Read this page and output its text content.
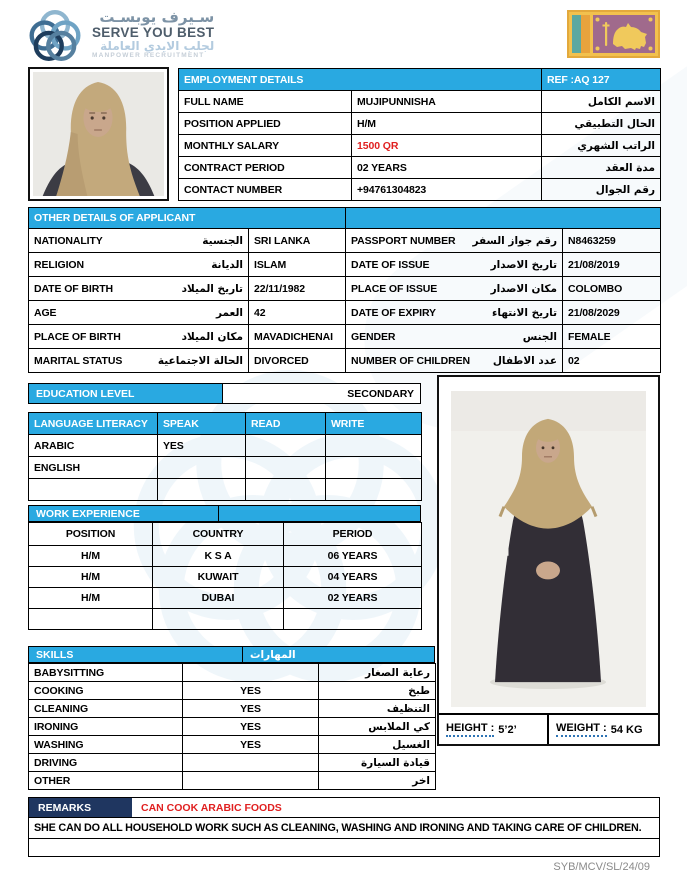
سـيرف يوبسـت
SERVE YOU BEST
لجلب الايدي العاملة
MANPOWER RECRUITMENT
EMPLOYMENT DETAILS		REF :AQ 127
FULL NAME	MUJIPUNNISHA	الاسم الكامل
POSITION APPLIED	H/M	الحال التطبيقي
MONTHLY SALARY	1500 QR	الراتب الشهري
CONTRACT PERIOD	02 YEARS	مدة العقد
CONTACT NUMBER	+94761304823	رقم الجوال
OTHER DETAILS OF APPLICANT			

NATIONALITY الجنسية	SRI LANKA	PASSPORT NUMBER رقم جواز السفر	N8463259

RELIGION الديانة	ISLAM	DATE OF ISSUE تاريخ الاصدار	21/08/2019

DATE OF BIRTH تاريخ الميلاد	22/11/1982	PLACE OF ISSUE مكان الاصدار	COLOMBO

AGE العمر	42	DATE OF EXPIRY تاريخ الانتهاء	21/08/2029

PLACE OF BIRTH مكان الميلاد	MAVADICHENAI	GENDER الجنس	FEMALE

MARITAL STATUS الحالة الاجتماعية	DIVORCED	NUMBER OF CHILDREN عدد الاطفال	02
EDUCATION LEVEL	SECONDARY
LANGUAGE LITERACY	SPEAK	READ	WRITE
ARABIC	YES		
ENGLISH			

WORK EXPERIENCE
POSITION	COUNTRY	PERIOD
H/M	K S A	06 YEARS
H/M	KUWAIT	04 YEARS
H/M	DUBAI	02 YEARS

SKILLS	المهارات
BABYSITTING		رعاية الصغار
COOKING	YES	طبخ
CLEANING	YES	التنظيف
IRONING	YES	كي الملابس
WASHING	YES	الغسيل
DRIVING		قيادة السيارة
OTHER		اخر
HEIGHT : 5’2’	WEIGHT : 54 KG
REMARKS	CAN COOK ARABIC FOODS
SHE CAN DO ALL HOUSEHOLD WORK SUCH AS CLEANING, WASHING AND IRONING AND TAKING CARE OF CHILDREN.
SYB/MCV/SL/24/09
